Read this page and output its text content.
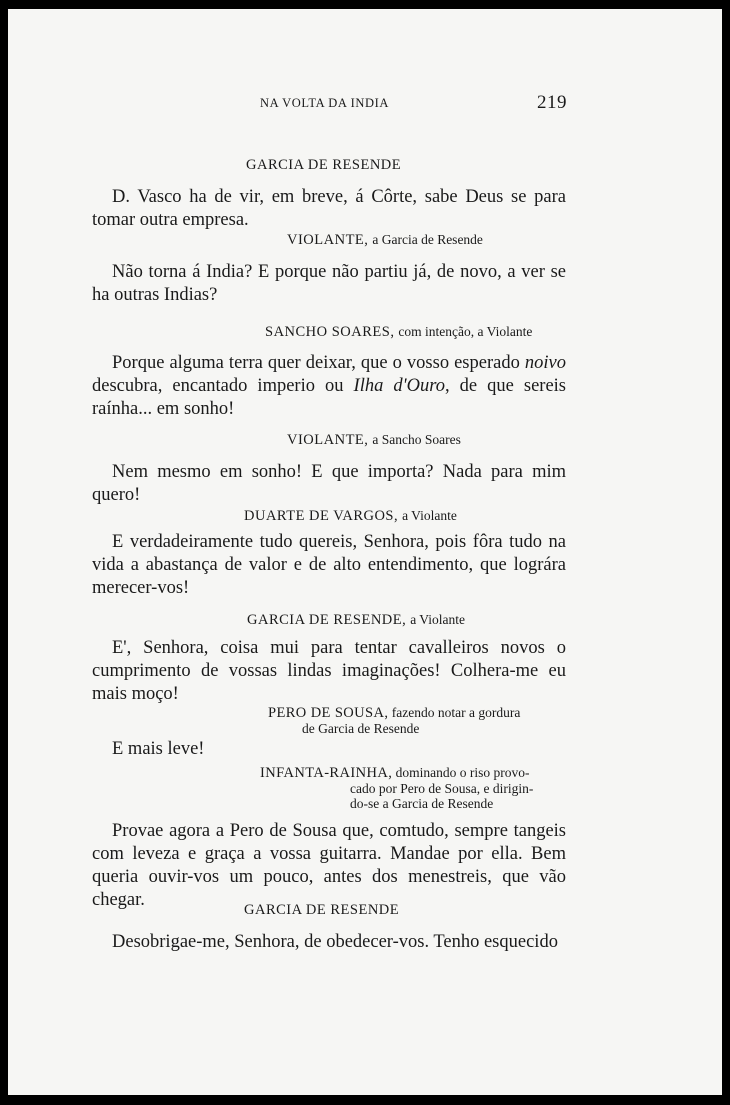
NA VOLTA DA INDIA	219
GARCIA DE RESENDE
D. Vasco ha de vir, em breve, á Côrte, sabe Deus se para tomar outra empresa.
VIOLANTE, a Garcia de Resende
Não torna á India? E porque não partiu já, de novo, a ver se ha outras Indias?
SANCHO SOARES, com intenção, a Violante
Porque alguma terra quer deixar, que o vosso esperado noivo descubra, encantado imperio ou Ilha d'Ouro, de que sereis raínha... em sonho!
VIOLANTE, a Sancho Soares
Nem mesmo em sonho! E que importa? Nada para mim quero!
DUARTE DE VARGOS, a Violante
E verdadeiramente tudo quereis, Senhora, pois fôra tudo na vida a abastança de valor e de alto entendimento, que lográra merecer-vos!
GARCIA DE RESENDE, a Violante
E', Senhora, coisa mui para tentar cavalleiros novos o cumprimento de vossas lindas imaginações! Colhera-me eu mais moço!
PERO DE SOUSA, fazendo notar a gordura
de Garcia de Resende
E mais leve!
INFANTA-RAINHA, dominando o riso provo-
cado por Pero de Sousa, e dirigin-
do-se a Garcia de Resende
Provae agora a Pero de Sousa que, comtudo, sempre tangeis com leveza e graça a vossa guitarra. Mandae por ella. Bem queria ouvir-vos um pouco, antes dos menestreis, que vão chegar.	GARCIA DE RESENDE
Desobrigae-me, Senhora, de obedecer-vos. Tenho esquecido
